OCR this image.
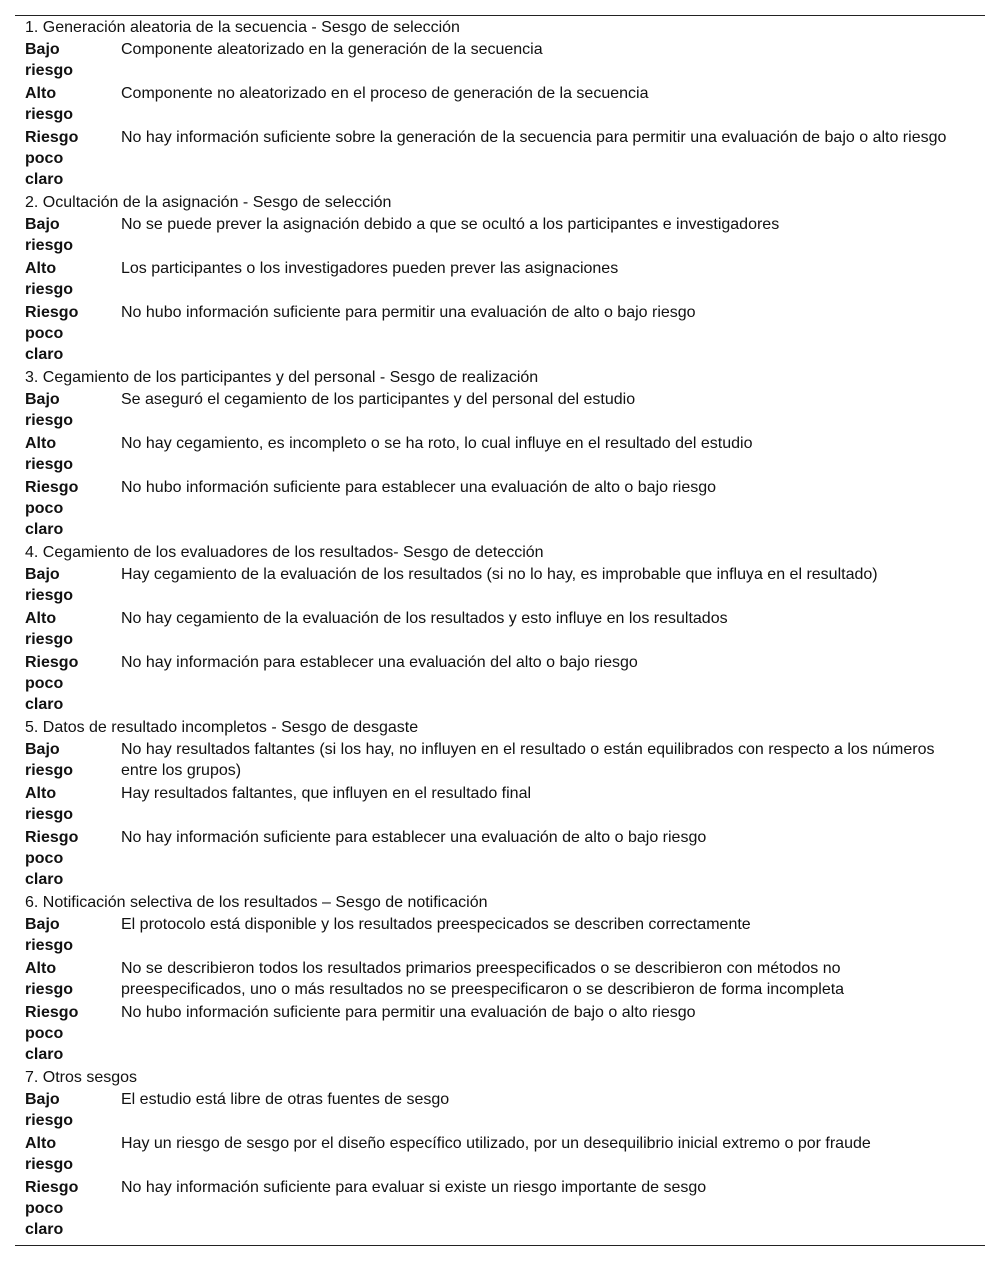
1. Generación aleatoria de la secuencia - Sesgo de selección
Bajo riesgo
Componente aleatorizado en la generación de la secuencia
Alto riesgo
Componente no aleatorizado en el proceso de generación de la secuencia
Riesgo poco claro
No hay información suficiente sobre la generación de la secuencia para permitir una evaluación de bajo o alto riesgo
2. Ocultación de la asignación - Sesgo de selección
Bajo riesgo
No se puede prever la asignación debido a que se ocultó a los participantes e investigadores
Alto riesgo
Los participantes o los investigadores pueden prever las asignaciones
Riesgo poco claro
No hubo información suficiente para permitir una evaluación de alto o bajo riesgo
3. Cegamiento de los participantes y del personal - Sesgo de realización
Bajo riesgo
Se aseguró el cegamiento de los participantes y del personal del estudio
Alto riesgo
No hay cegamiento, es incompleto o se ha roto, lo cual influye en el resultado del estudio
Riesgo poco claro
No hubo información suficiente para establecer una evaluación de alto o bajo riesgo
4. Cegamiento de los evaluadores de los resultados- Sesgo de detección
Bajo riesgo
Hay cegamiento de la evaluación de los resultados (si no lo hay, es improbable que influya en el resultado)
Alto riesgo
No hay cegamiento de la evaluación de los resultados y esto influye en los resultados
Riesgo poco claro
No hay información para establecer una evaluación del alto o bajo riesgo
5. Datos de resultado incompletos - Sesgo de desgaste
Bajo riesgo
No hay resultados faltantes (si los hay, no influyen en el resultado o están equilibrados con respecto a los números entre los grupos)
Alto riesgo
Hay resultados faltantes, que influyen en el resultado final
Riesgo poco claro
No hay información suficiente para establecer una evaluación de alto o bajo riesgo
6. Notificación selectiva de los resultados – Sesgo de notificación
Bajo riesgo
El protocolo está disponible y los resultados preespecicados se describen correctamente
Alto riesgo
No se describieron todos los resultados primarios preespecificados o se describieron con métodos no preespecificados, uno o más resultados no se preespecificaron o se describieron de forma incompleta
Riesgo poco claro
No hubo información suficiente para permitir una evaluación de bajo o alto riesgo
7. Otros sesgos
Bajo riesgo
El estudio está libre de otras fuentes de sesgo
Alto riesgo
Hay un riesgo de sesgo por el diseño específico utilizado, por un desequilibrio inicial extremo o por fraude
Riesgo poco claro
No hay información suficiente para evaluar si existe un riesgo importante de sesgo
